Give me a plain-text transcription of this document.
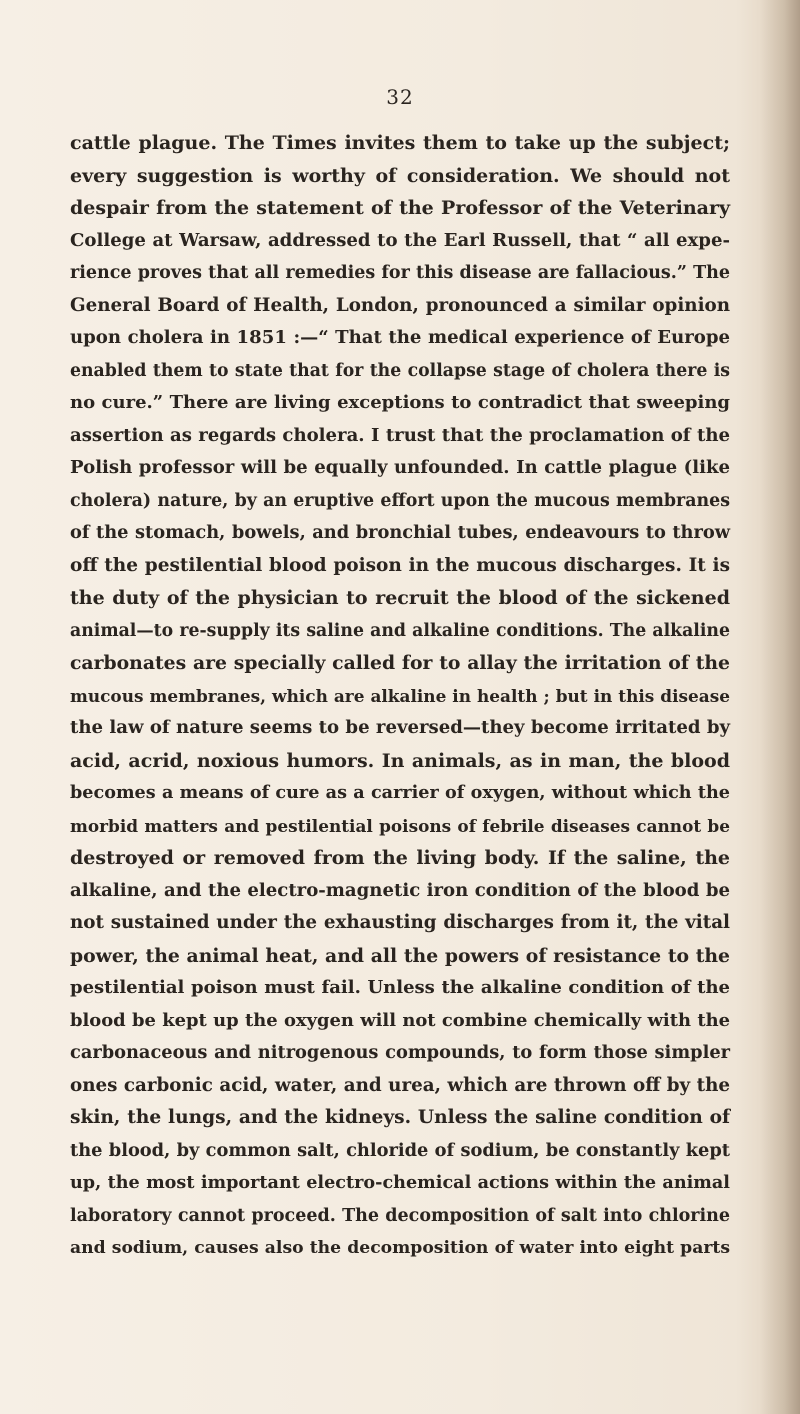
32
cattle plague. The Times invites them to take up the subject;
every suggestion is worthy of consideration. We should not
despair from the statement of the Professor of the Veterinary
College at Warsaw, addressed to the Earl Russell, that “ all expe-
rience proves that all remedies for this disease are fallacious.” The
General Board of Health, London, pronounced a similar opinion
upon cholera in 1851 :—“ That the medical experience of Europe
enabled them to state that for the collapse stage of cholera there is
no cure.” There are living exceptions to contradict that sweeping
assertion as regards cholera. I trust that the proclamation of the
Polish professor will be equally unfounded. In cattle plague (like
cholera) nature, by an eruptive effort upon the mucous membranes
of the stomach, bowels, and bronchial tubes, endeavours to throw
off the pestilential blood poison in the mucous discharges. It is
the duty of the physician to recruit the blood of the sickened
animal—to re-supply its saline and alkaline conditions. The alkaline
carbonates are specially called for to allay the irritation of the
mucous membranes, which are alkaline in health ; but in this disease
the law of nature seems to be reversed—they become irritated by
acid, acrid, noxious humors. In animals, as in man, the blood
becomes a means of cure as a carrier of oxygen, without which the
morbid matters and pestilential poisons of febrile diseases cannot be
destroyed or removed from the living body. If the saline, the
alkaline, and the electro-magnetic iron condition of the blood be
not sustained under the exhausting discharges from it, the vital
power, the animal heat, and all the powers of resistance to the
pestilential poison must fail. Unless the alkaline condition of the
blood be kept up the oxygen will not combine chemically with the
carbonaceous and nitrogenous compounds, to form those simpler
ones carbonic acid, water, and urea, which are thrown off by the
skin, the lungs, and the kidneys. Unless the saline condition of
the blood, by common salt, chloride of sodium, be constantly kept
up, the most important electro-chemical actions within the animal
laboratory cannot proceed. The decomposition of salt into chlorine
and sodium, causes also the decomposition of water into eight parts
